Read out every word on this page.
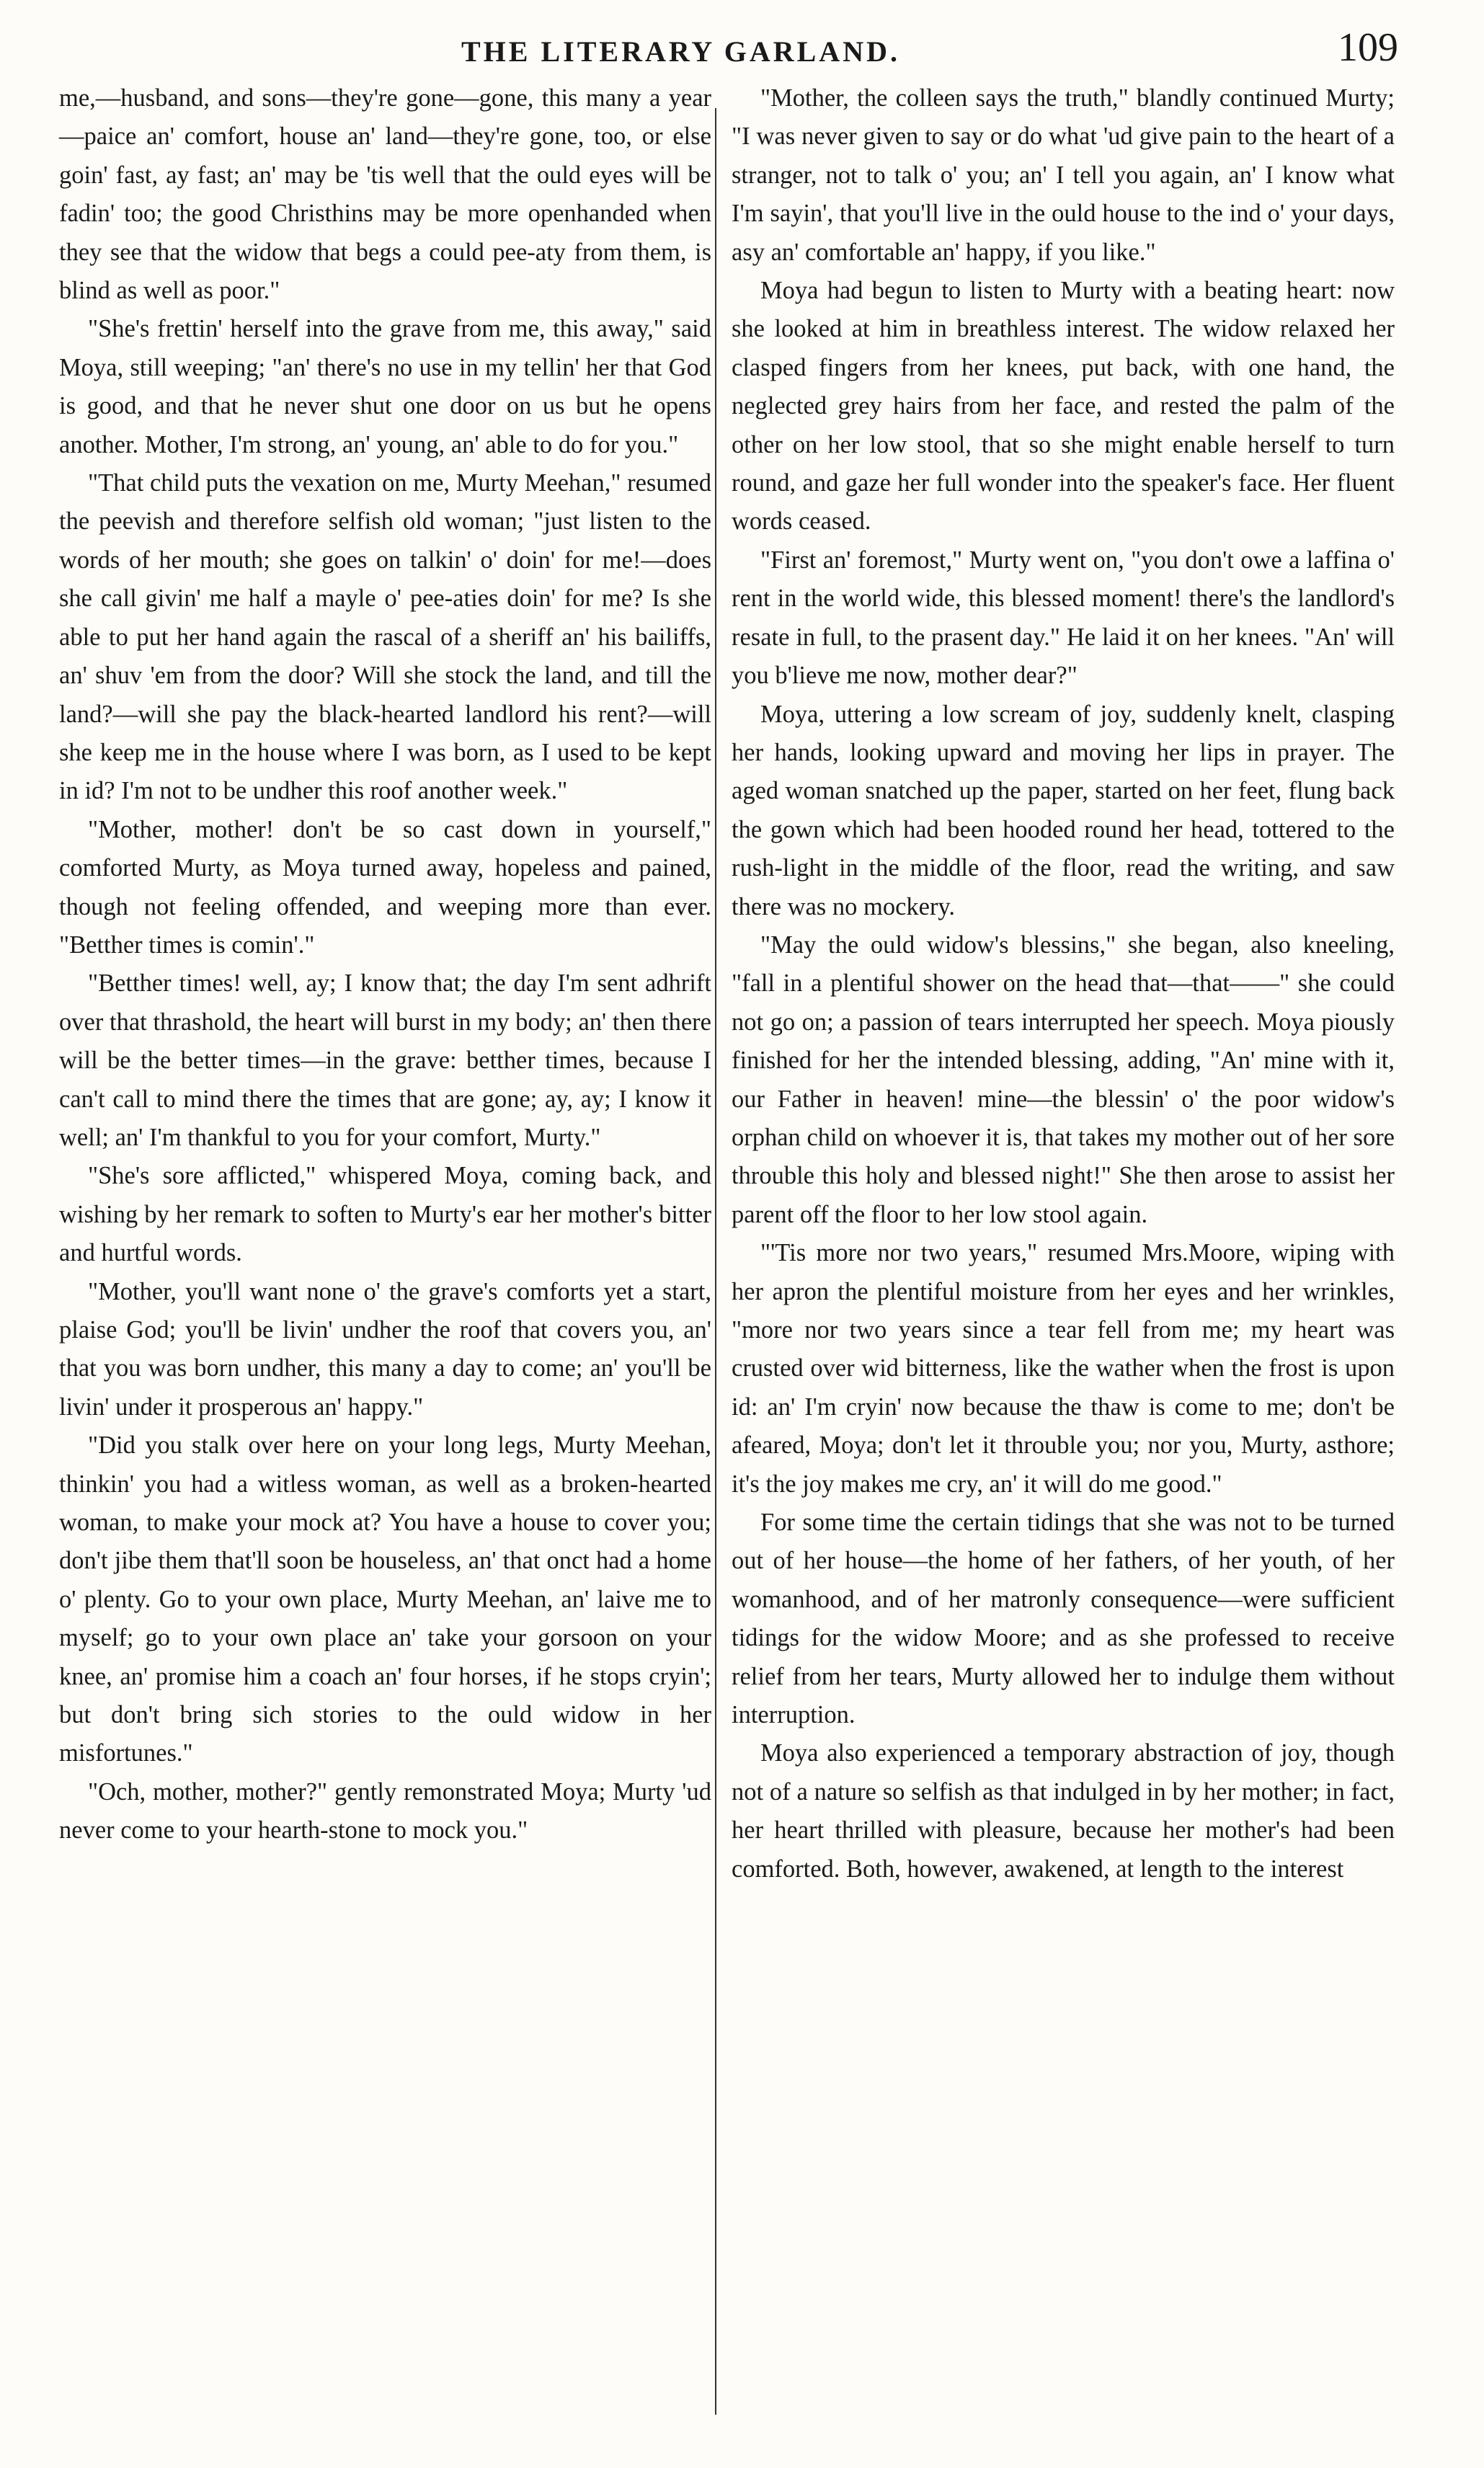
THE LITERARY GARLAND.	109

me,—husband, and sons—they're gone—gone, this many a year—paice an' comfort, house an' land—they're gone, too, or else goin' fast, ay fast; an' may be 'tis well that the ould eyes will be fadin' too; the good Christhins may be more openhanded when they see that the widow that begs a could pee-aty from them, is blind as well as poor."

"She's frettin' herself into the grave from me, this away," said Moya, still weeping; "an' there's no use in my tellin' her that God is good, and that he never shut one door on us but he opens another. Mother, I'm strong, an' young, an' able to do for you."

"That child puts the vexation on me, Murty Meehan," resumed the peevish and therefore selfish old woman; "just listen to the words of her mouth; she goes on talkin' o' doin' for me!—does she call givin' me half a mayle o' pee-aties doin' for me? Is she able to put her hand again the rascal of a sheriff an' his bailiffs, an' shuv 'em from the door? Will she stock the land, and till the land?—will she pay the black-hearted landlord his rent?—will she keep me in the house where I was born, as I used to be kept in id? I'm not to be undher this roof another week."

"Mother, mother! don't be so cast down in yourself," comforted Murty, as Moya turned away, hopeless and pained, though not feeling offended, and weeping more than ever. "Betther times is comin'."

"Betther times! well, ay; I know that; the day I'm sent adhrift over that thrashold, the heart will burst in my body; an' then there will be the better times—in the grave: betther times, because I can't call to mind there the times that are gone; ay, ay; I know it well; an' I'm thankful to you for your comfort, Murty."

"She's sore afflicted," whispered Moya, coming back, and wishing by her remark to soften to Murty's ear her mother's bitter and hurtful words.

"Mother, you'll want none o' the grave's comforts yet a start, plaise God; you'll be livin' undher the roof that covers you, an' that you was born undher, this many a day to come; an' you'll be livin' under it prosperous an' happy."

"Did you stalk over here on your long legs, Murty Meehan, thinkin' you had a witless woman, as well as a broken-hearted woman, to make your mock at? You have a house to cover you; don't jibe them that'll soon be houseless, an' that onct had a home o' plenty. Go to your own place, Murty Meehan, an' laive me to myself; go to your own place an' take your gorsoon on your knee, an' promise him a coach an' four horses, if he stops cryin'; but don't bring sich stories to the ould widow in her misfortunes."

"Och, mother, mother?" gently remonstrated Moya; Murty 'ud never come to your hearth-stone to mock you."

"Mother, the colleen says the truth," blandly continued Murty; "I was never given to say or do what 'ud give pain to the heart of a stranger, not to talk o' you; an' I tell you again, an' I know what I'm sayin', that you'll live in the ould house to the ind o' your days, asy an' comfortable an' happy, if you like."

Moya had begun to listen to Murty with a beating heart: now she looked at him in breathless interest. The widow relaxed her clasped fingers from her knees, put back, with one hand, the neglected grey hairs from her face, and rested the palm of the other on her low stool, that so she might enable herself to turn round, and gaze her full wonder into the speaker's face. Her fluent words ceased.

"First an' foremost," Murty went on, "you don't owe a laffina o' rent in the world wide, this blessed moment! there's the landlord's resate in full, to the prasent day." He laid it on her knees. "An' will you b'lieve me now, mother dear?"

Moya, uttering a low scream of joy, suddenly knelt, clasping her hands, looking upward and moving her lips in prayer. The aged woman snatched up the paper, started on her feet, flung back the gown which had been hooded round her head, tottered to the rush-light in the middle of the floor, read the writing, and saw there was no mockery.

"May the ould widow's blessins," she began, also kneeling, "fall in a plentiful shower on the head that—that——" she could not go on; a passion of tears interrupted her speech. Moya piously finished for her the intended blessing, adding, "An' mine with it, our Father in heaven! mine—the blessin' o' the poor widow's orphan child on whoever it is, that takes my mother out of her sore throuble this holy and blessed night!" She then arose to assist her parent off the floor to her low stool again.

"'Tis more nor two years," resumed Mrs.Moore, wiping with her apron the plentiful moisture from her eyes and her wrinkles, "more nor two years since a tear fell from me; my heart was crusted over wid bitterness, like the wather when the frost is upon id: an' I'm cryin' now because the thaw is come to me; don't be afeared, Moya; don't let it throuble you; nor you, Murty, asthore; it's the joy makes me cry, an' it will do me good."

For some time the certain tidings that she was not to be turned out of her house—the home of her fathers, of her youth, of her womanhood, and of her matronly consequence—were sufficient tidings for the widow Moore; and as she professed to receive relief from her tears, Murty allowed her to indulge them without interruption.

Moya also experienced a temporary abstraction of joy, though not of a nature so selfish as that indulged in by her mother; in fact, her heart thrilled with pleasure, because her mother's had been comforted. Both, however, awakened, at length to the interest
